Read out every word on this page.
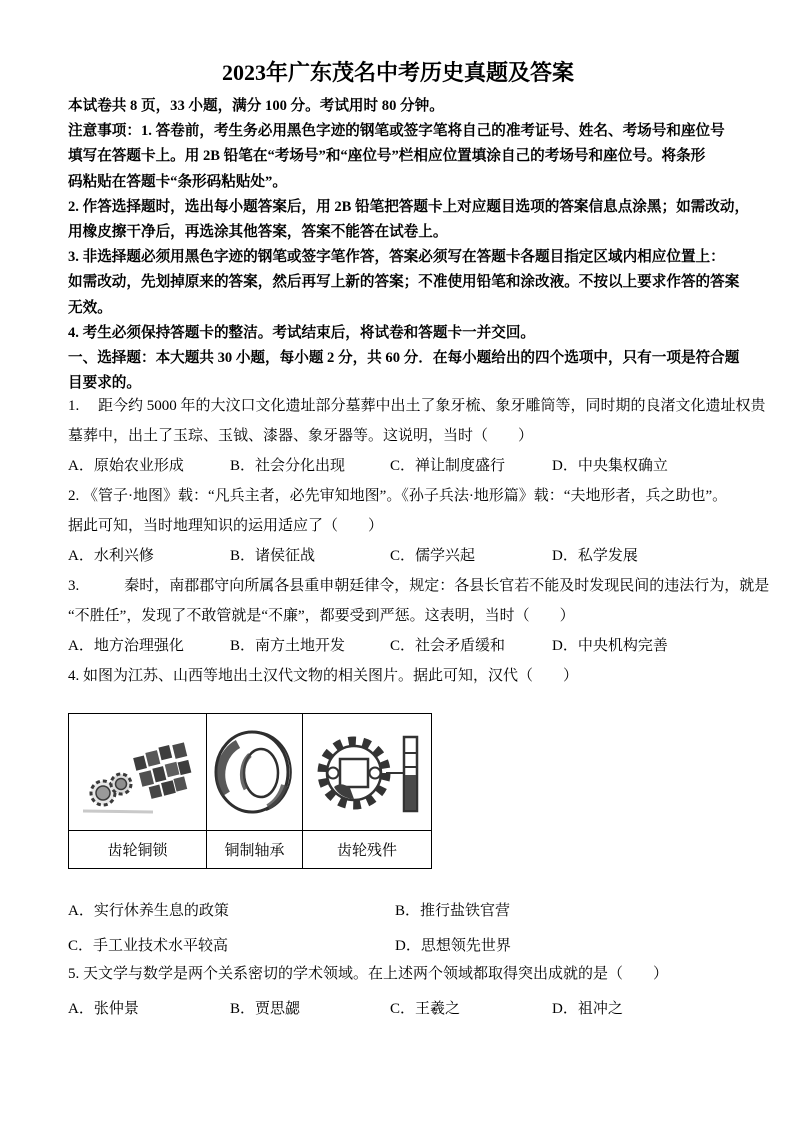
2023年广东茂名中考历史真题及答案
本试卷共 8 页，33 小题，满分 100 分。考试用时 80 分钟。
注意事项：1. 答卷前，考生务必用黑色字迹的钢笔或签字笔将自己的准考证号、姓名、考场号和座位号
填写在答题卡上。用 2B 铅笔在“考场号”和“座位号”栏相应位置填涂自己的考场号和座位号。将条形
码粘贴在答题卡“条形码粘贴处”。
2. 作答选择题时，选出每小题答案后，用 2B 铅笔把答题卡上对应题目选项的答案信息点涂黑；如需改动，
用橡皮擦干净后，再选涂其他答案，答案不能答在试卷上。
3. 非选择题必须用黑色字迹的钢笔或签字笔作答，答案必须写在答题卡各题目指定区域内相应位置上：
如需改动，先划掉原来的答案，然后再写上新的答案；不准使用铅笔和涂改液。不按以上要求作答的答案
无效。
4. 考生必须保持答题卡的整洁。考试结束后，将试卷和答题卡一并交回。
一、选择题：本大题共 30 小题，每小题 2 分，共 60 分．在每小题给出的四个选项中，只有一项是符合题
目要求的。
1.　 距今约 5000 年的大汶口文化遗址部分墓葬中出土了象牙梳、象牙雕筒等，同时期的良渚文化遗址权贵
墓葬中，出土了玉琮、玉钺、漆器、象牙器等。这说明，当时（　　）
A．原始农业形成	B．社会分化出现	C．禅让制度盛行	D．中央集权确立
2. 《管子·地图》载：“凡兵主者，必先审知地图”。《孙子兵法·地形篇》载：“夫地形者，兵之助也”。
据此可知，当时地理知识的运用适应了（　　）
A．水利兴修	B．诸侯征战	C．儒学兴起	D．私学发展
3.　　　秦时，南郡郡守向所属各县重申朝廷律令，规定：各县长官若不能及时发现民间的违法行为，就是
“不胜任”，发现了不敢管就是“不廉”，都要受到严惩。这表明，当时（　　）
A．地方治理强化	B．南方土地开发	C．社会矛盾缓和	D．中央机构完善
4. 如图为江苏、山西等地出土汉代文物的相关图片。据此可知，汉代（　　）

齿轮铜锁	铜制轴承	齿轮残件
A．实行休养生息的政策	B．推行盐铁官营
C．手工业技术水平较高	D．思想领先世界
5. 天文学与数学是两个关系密切的学术领域。在上述两个领域都取得突出成就的是（　　）
A．张仲景	B．贾思勰	C．王羲之	D．祖冲之
